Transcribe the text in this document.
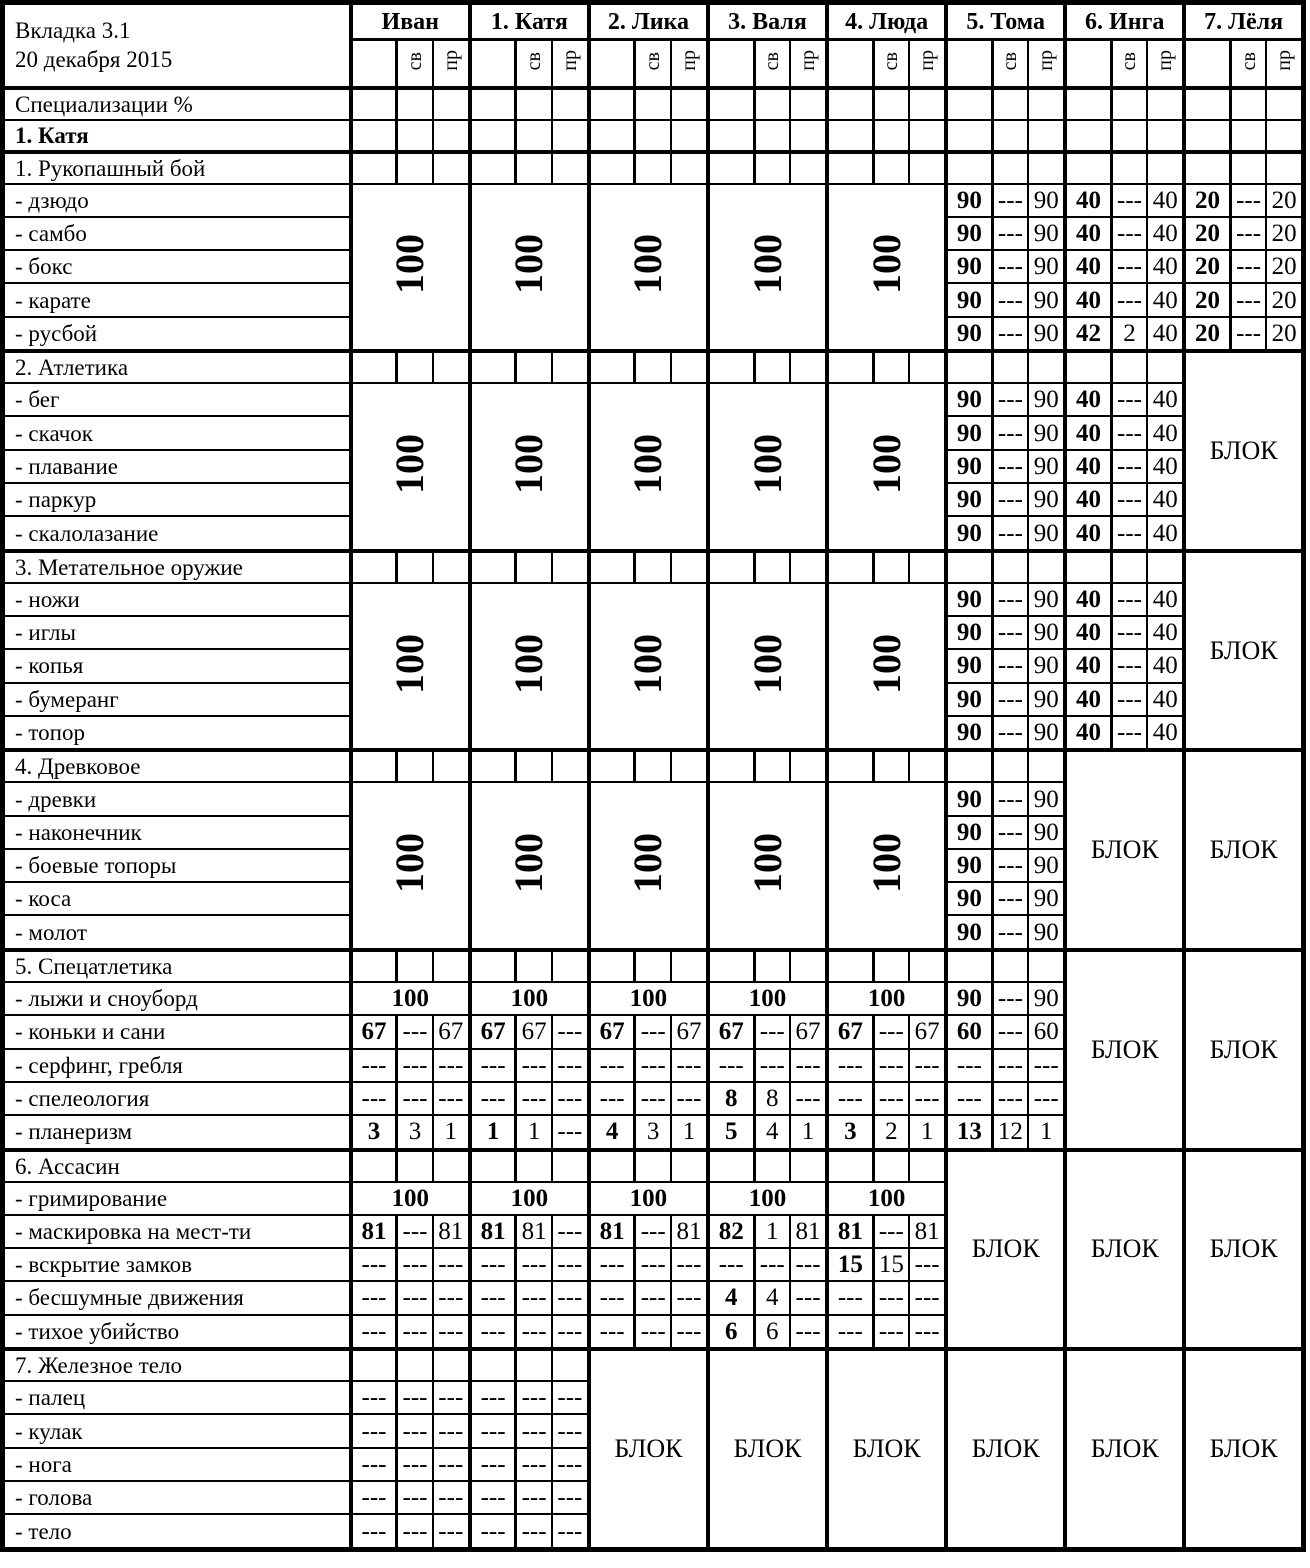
Вкладка 3.1
20 декабря 2015	Иван			1. Катя			2. Лика			3. Валя			4. Люда			5. Тома			6. Инга			7. Лёля		
		св	пр		св	пр		св	пр		св	пр		св	пр		св	пр		св	пр		св	пр
Специализации %																								
1. Катя																								
1. Рукопашный бой																								
- дзюдо	100			100			100			100			100			90	---	90	40	---	40	20	---	20
- самбо																90	---	90	40	---	40	20	---	20
- бокс																90	---	90	40	---	40	20	---	20
- карате																90	---	90	40	---	40	20	---	20
- русбой																90	---	90	42	2	40	20	---	20
2. Атлетика																						БЛОК		
- бег	100			100			100			100			100			90	---	90	40	---	40			
- скачок																90	---	90	40	---	40			
- плавание																90	---	90	40	---	40			
- паркур																90	---	90	40	---	40			
- скалолазание																90	---	90	40	---	40			
3. Метательное оружие																						БЛОК		
- ножи	100			100			100			100			100			90	---	90	40	---	40			
- иглы																90	---	90	40	---	40			
- копья																90	---	90	40	---	40			
- бумеранг																90	---	90	40	---	40			
- топор																90	---	90	40	---	40			
4. Древковое																			БЛОК			БЛОК		
- древки	100			100			100			100			100			90	---	90						
- наконечник																90	---	90						
- боевые топоры																90	---	90						
- коса																90	---	90						
- молот																90	---	90						
5. Спецатлетика																			БЛОК			БЛОК		
- лыжи и сноуборд	100			100			100			100			100			90	---	90						
- коньки и сани	67	---	67	67	67	---	67	---	67	67	---	67	67	---	67	60	---	60						
- серфинг, гребля	---	---	---	---	---	---	---	---	---	---	---	---	---	---	---	---	---	---						
- спелеология	---	---	---	---	---	---	---	---	---	8	8	---	---	---	---	---	---	---						
- планеризм	3	3	1	1	1	---	4	3	1	5	4	1	3	2	1	13	12	1						
6. Ассасин																БЛОК			БЛОК			БЛОК		
- гримирование	100			100			100			100			100											
- маскировка на мест-ти	81	---	81	81	81	---	81	---	81	82	1	81	81	---	81									
- вскрытие замков	---	---	---	---	---	---	---	---	---	---	---	---	15	15	---									
- бесшумные движения	---	---	---	---	---	---	---	---	---	4	4	---	---	---	---									
- тихое убийство	---	---	---	---	---	---	---	---	---	6	6	---	---	---	---									
7. Железное тело							БЛОК			БЛОК			БЛОК			БЛОК			БЛОК			БЛОК		
- палец	---	---	---	---	---	---																		
- кулак	---	---	---	---	---	---																		
- нога	---	---	---	---	---	---																		
- голова	---	---	---	---	---	---																		
- тело	---	---	---	---	---	---																		
